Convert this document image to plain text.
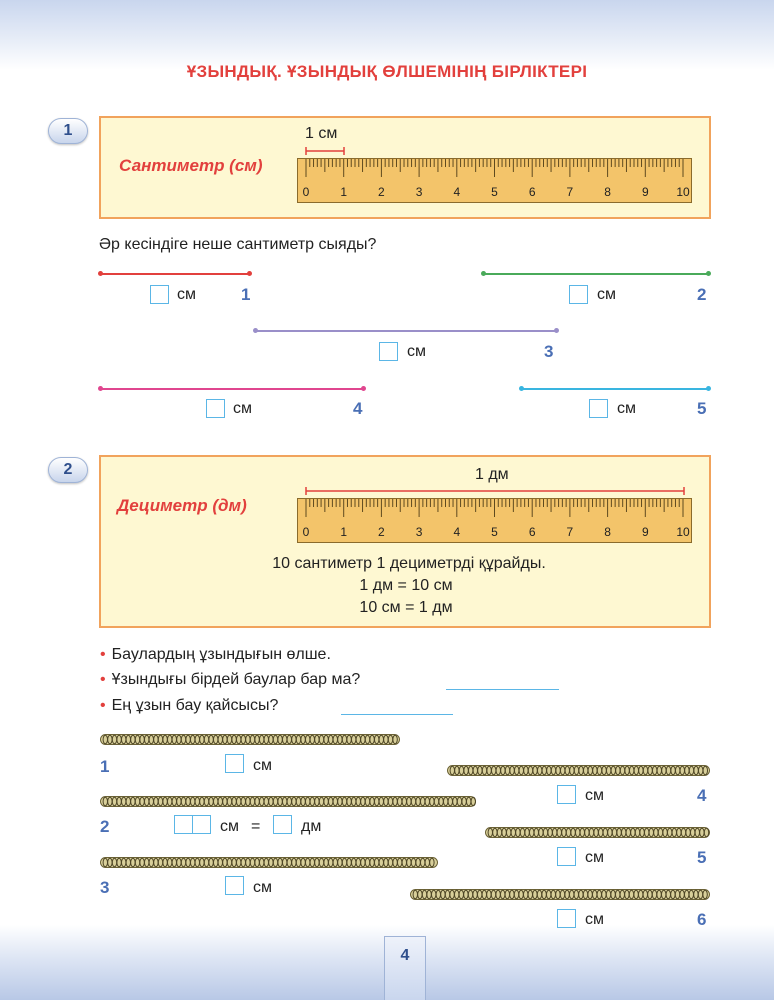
ҰЗЫНДЫҚ. ҰЗЫНДЫҚ ӨЛШЕМІНІҢ БІРЛІКТЕРІ
1
Сантиметр (см)
1 см
0	1	2	3	4	5	6	7	8	9 10
Әр кесіндіге неше сантиметр сыяды?
см	1	см	2
см	3
см	4	см	5
2
Дециметр (дм)
1 дм
0	1	2	3	4	5	6	7	8	9 10
10 сантиметр 1 дециметрді құрайды.
1 дм = 10 см
10 см = 1 дм
• Баулардың ұзындығын өлше.
• Ұзындығы бірдей баулар бар ма?
• Ең ұзын бау қайсысы?
1	см
см	4
2	см =	дм
см	5
3	см
см	6
4
